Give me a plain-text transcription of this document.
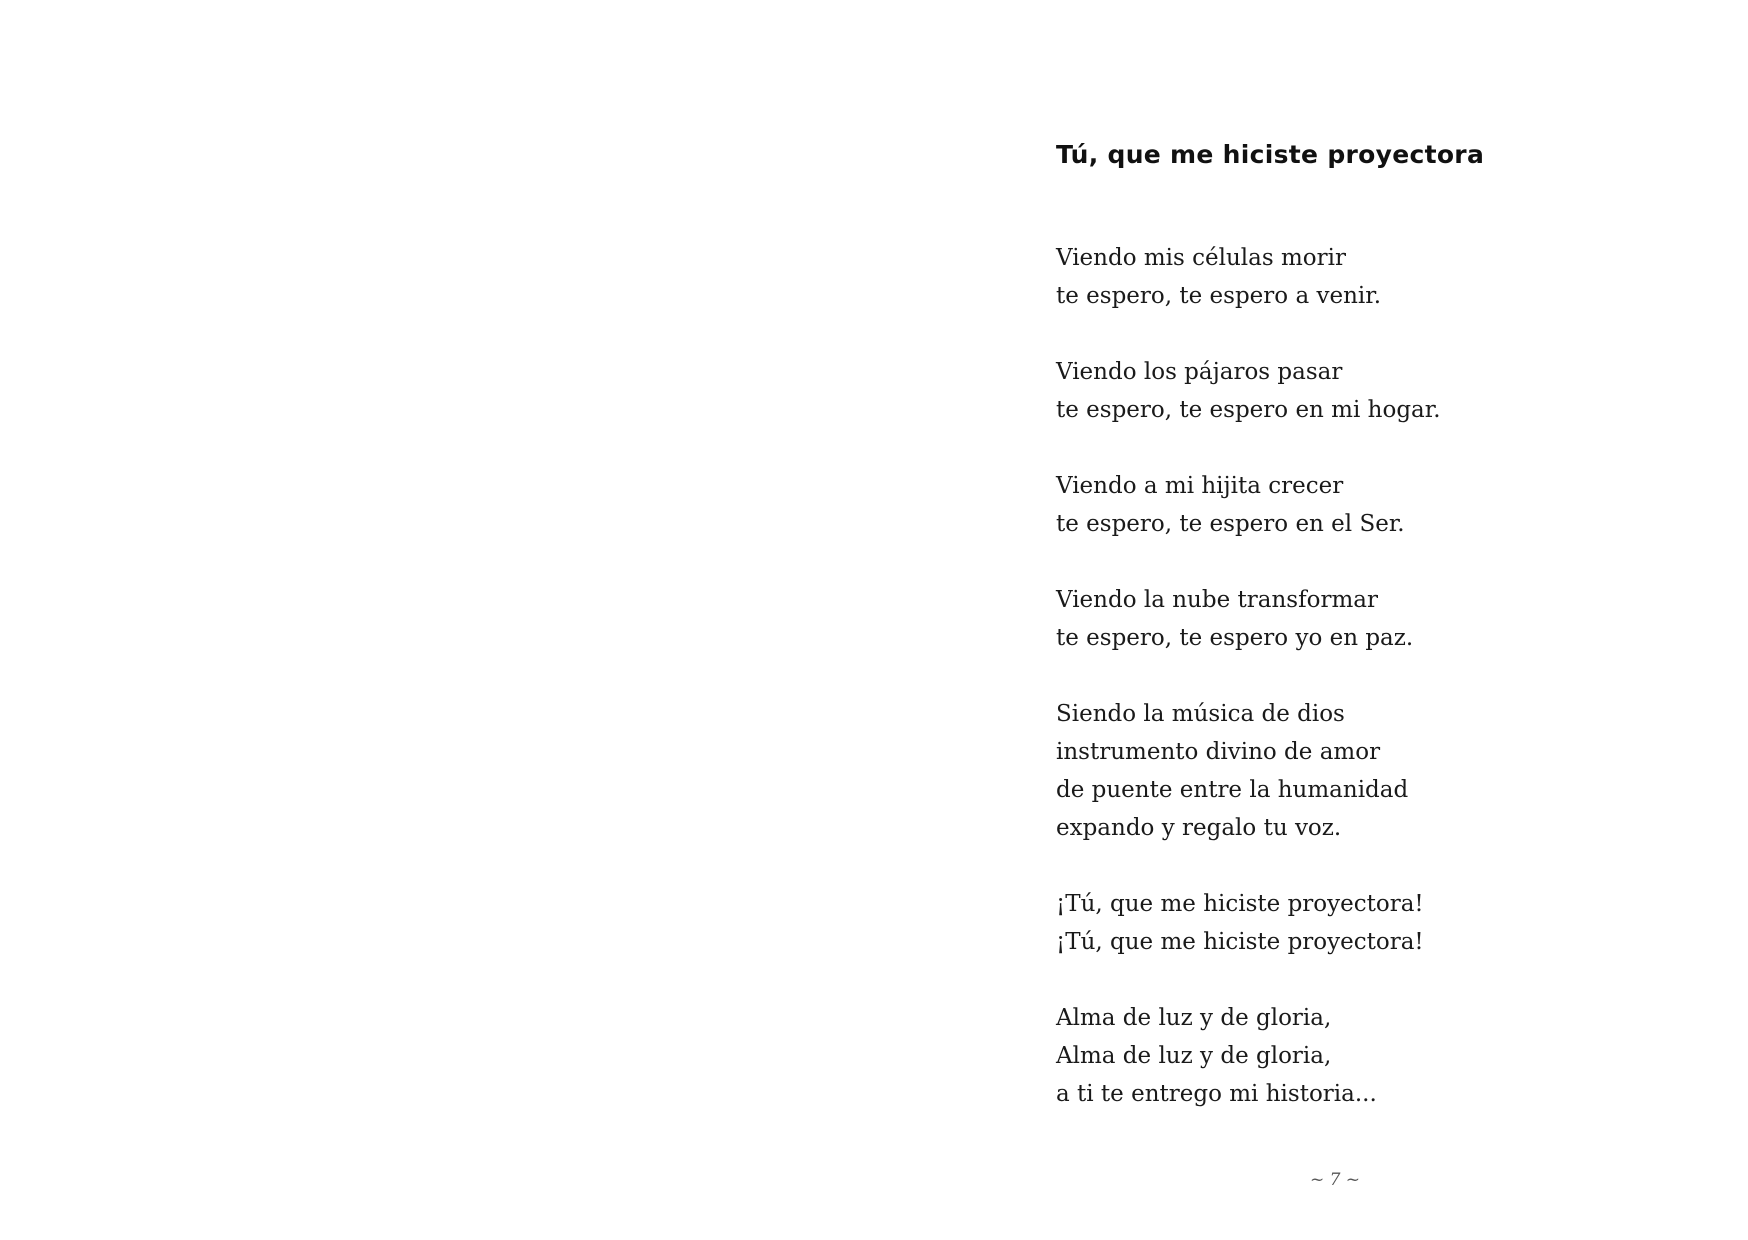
Tú, que me hiciste proyectora

Viendo mis células morir
te espero, te espero a venir.

Viendo los pájaros pasar
te espero, te espero en mi hogar.

Viendo a mi hijita crecer
te espero, te espero en el Ser.

Viendo la nube transformar
te espero, te espero yo en paz.

Siendo la música de dios
instrumento divino de amor
de puente entre la humanidad
expando y regalo tu voz.

¡Tú, que me hiciste proyectora!
¡Tú, que me hiciste proyectora!

Alma de luz y de gloria,
Alma de luz y de gloria,
a ti te entrego mi historia...

~ 7 ~
